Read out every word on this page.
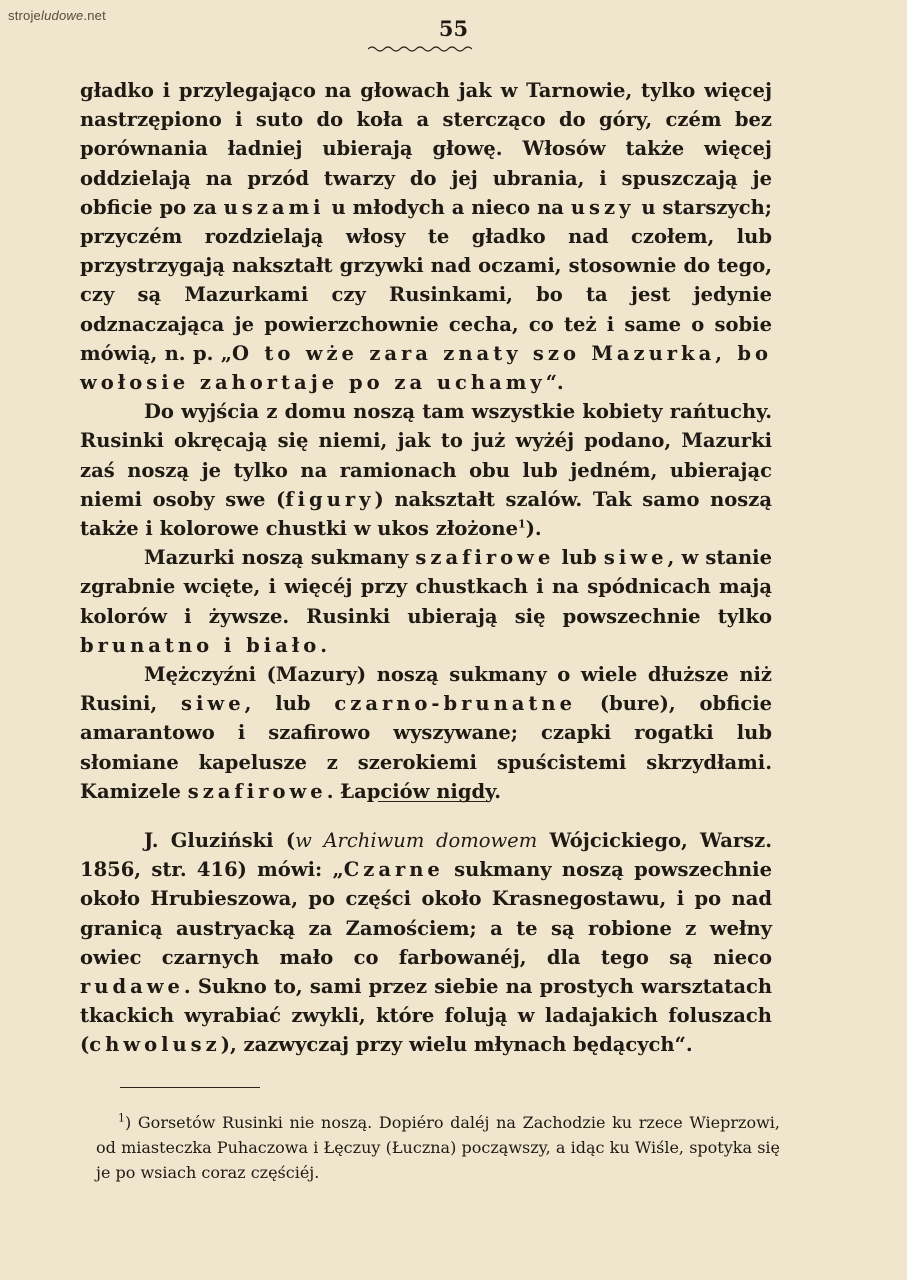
strojeludowe.net
55

gładko i przylegająco na głowach jak w Tarnowie, tylko więcej nastrzępiono i suto do koła a stercząco do góry, czém bez porównania ładniej ubierają głowę. Włosów także więcej oddzielają na przód twarzy do jej ubrania, i spuszczają je obficie po za uszami u młodych a nieco na uszy u starszych; przyczém rozdzielają włosy te gładko nad czołem, lub przystrzygają nakształt grzywki nad oczami, stosownie do tego, czy są Mazurkami czy Rusinkami, bo ta jest jedynie odznaczająca je powierzchownie cecha, co też i same o sobie mówią, n. p. „O to wże zara znaty szo Mazurka, bo wołosie zahortaje po za uchamy“.

Do wyjścia z domu noszą tam wszystkie kobiety rańtuchy. Rusinki okręcają się niemi, jak to już wyżéj podano, Mazurki zaś noszą je tylko na ramionach obu lub jedném, ubierając niemi osoby swe (figury) nakształt szalów. Tak samo noszą także i kolorowe chustki w ukos złożone$^1$).

Mazurki noszą sukmany szafirowe lub siwe, w stanie zgrabnie wcięte, i więcéj przy chustkach i na spódnicach mają kolorów i żywsze. Rusinki ubierają się powszechnie tylko brunatno i biało.

Mężczyźni (Mazury) noszą sukmany o wiele dłuższe niż Rusini, siwe, lub czarno-brunatne (bure), obficie amarantowo i szafirowo wyszywane; czapki rogatki lub słomiane kapelusze z szerokiemi spuścistemi skrzydłami. Kamizele szafirowe. Łapciów nigdy.

J. Gluziński (w Archiwum domowem Wójcickiego, Warsz. 1856, str. 416) mówi: „Czarne sukmany noszą powszechnie około Hrubieszowa, po części około Krasnegostawu, i po nad granicą austryacką za Zamościem; a te są robione z wełny owiec czarnych mało co farbowanéj, dla tego są nieco rudawe. Sukno to, sami przez siebie na prostych warsztatach tkackich wyrabiać zwykli, które folują w ladajakich foluszach (chwolusz), zazwyczaj przy wielu młynach będących“.

$^1$) Gorsetów Rusinki nie noszą. Dopiéro daléj na Zachodzie ku rzece Wieprzowi, od miasteczka Puhaczowa i Łęczuy (Łuczna) począwszy, a idąc ku Wiśle, spotyka się je po wsiach coraz częściéj.
